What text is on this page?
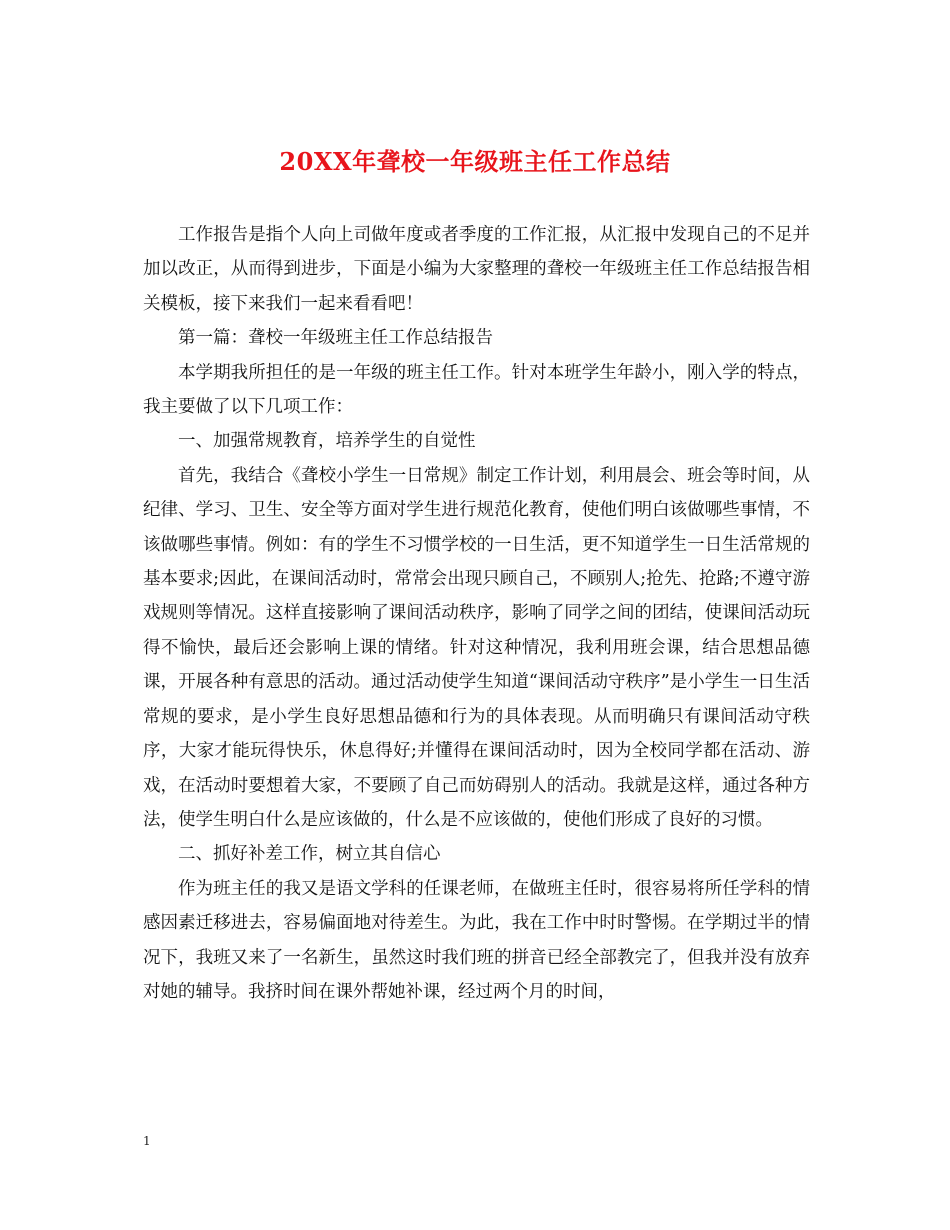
20XX年聋校一年级班主任工作总结

工作报告是指个人向上司做年度或者季度的工作汇报，从汇报中发现自己的不足并加以改正，从而得到进步，下面是小编为大家整理的聋校一年级班主任工作总结报告相关模板，接下来我们一起来看看吧！

第一篇：聋校一年级班主任工作总结报告

本学期我所担任的是一年级的班主任工作。针对本班学生年龄小，刚入学的特点，我主要做了以下几项工作：

一、加强常规教育，培养学生的自觉性

首先，我结合《聋校小学生一日常规》制定工作计划，利用晨会、班会等时间，从纪律、学习、卫生、安全等方面对学生进行规范化教育，使他们明白该做哪些事情，不该做哪些事情。例如：有的学生不习惯学校的一日生活，更不知道学生一日生活常规的基本要求;因此，在课间活动时，常常会出现只顾自己，不顾别人;抢先、抢路;不遵守游戏规则等情况。这样直接影响了课间活动秩序，影响了同学之间的团结，使课间活动玩得不愉快，最后还会影响上课的情绪。针对这种情况，我利用班会课，结合思想品德课，开展各种有意思的活动。通过活动使学生知道“课间活动守秩序”是小学生一日生活常规的要求，是小学生良好思想品德和行为的具体表现。从而明确只有课间活动守秩序，大家才能玩得快乐，休息得好;并懂得在课间活动时，因为全校同学都在活动、游戏，在活动时要想着大家，不要顾了自己而妨碍别人的活动。我就是这样，通过各种方法，使学生明白什么是应该做的，什么是不应该做的，使他们形成了良好的习惯。

二、抓好补差工作，树立其自信心

作为班主任的我又是语文学科的任课老师，在做班主任时，很容易将所任学科的情感因素迁移进去，容易偏面地对待差生。为此，我在工作中时时警惕。在学期过半的情况下，我班又来了一名新生，虽然这时我们班的拼音已经全部教完了，但我并没有放弃对她的辅导。我挤时间在课外帮她补课，经过两个月的时间，

1
